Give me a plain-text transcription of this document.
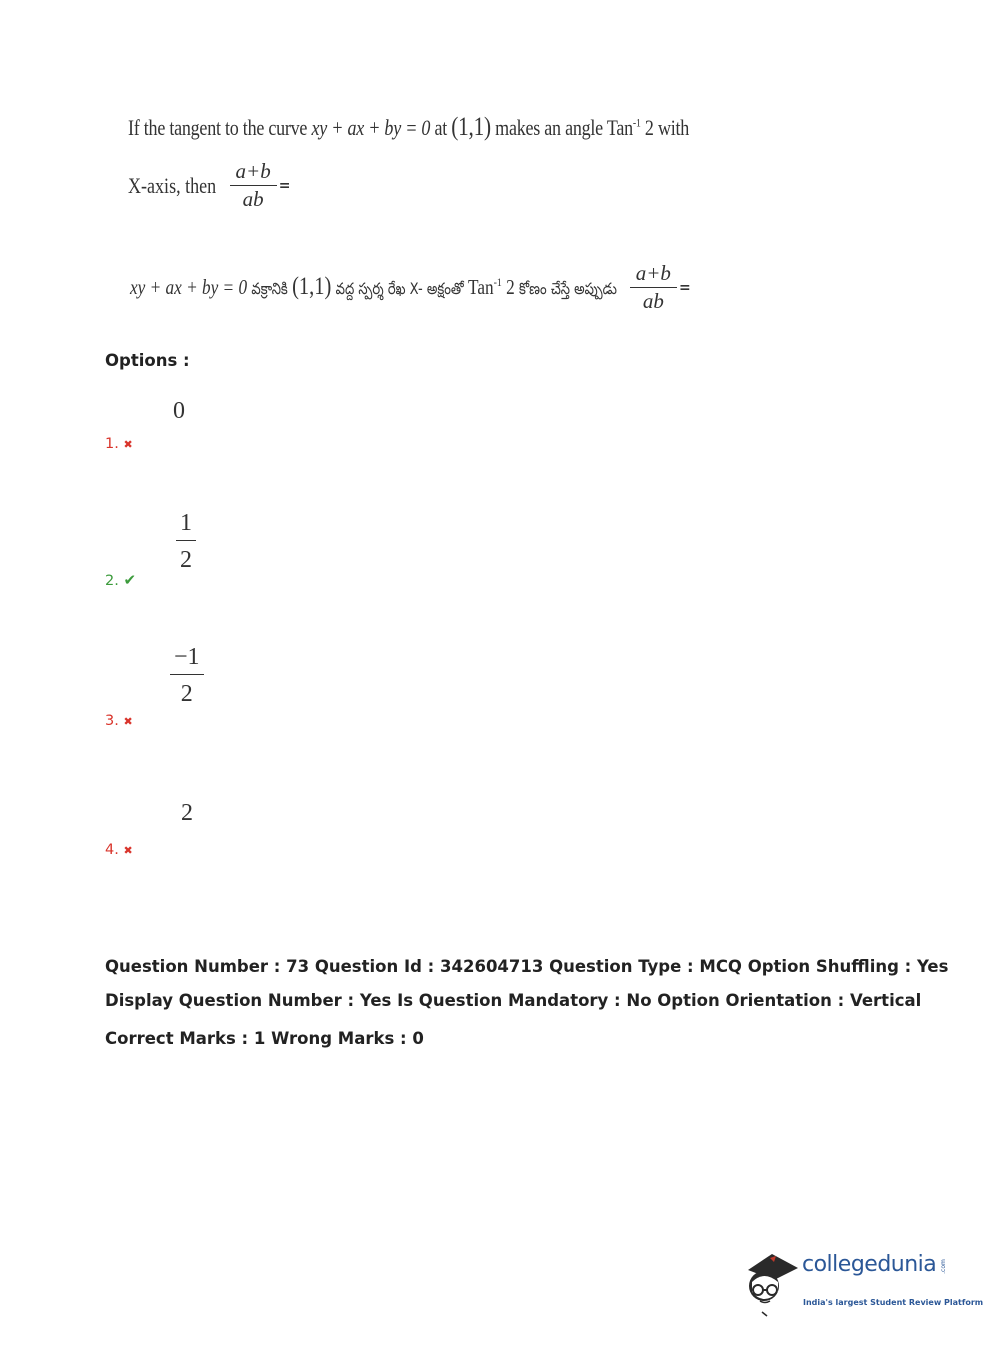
If the tangent to the curve xy + ax + by = 0 at (1,1) makes an angle Tan$^{-1}$ 2 with
X-axis, then $\frac{a+b}{ab}$ =
xy + ax + by = 0 వక్రానికి (1,1) వద్ద స్పర్శ రేఖ X- అక్షంతో Tan$^{-1}$ 2 కోణం చేస్తే అప్పుడు $\frac{a+b}{ab}$ =
Options :
0
1. ✖
$\frac{1}{2}$
2. ✔
$\frac{-1}{2}$
3. ✖
2
4. ✖
Question Number : 73 Question Id : 342604713 Question Type : MCQ Option Shuffling : Yes
Display Question Number : Yes Is Question Mandatory : No Option Orientation : Vertical
Correct Marks : 1 Wrong Marks : 0
collegedunia .com
India's largest Student Review Platform
